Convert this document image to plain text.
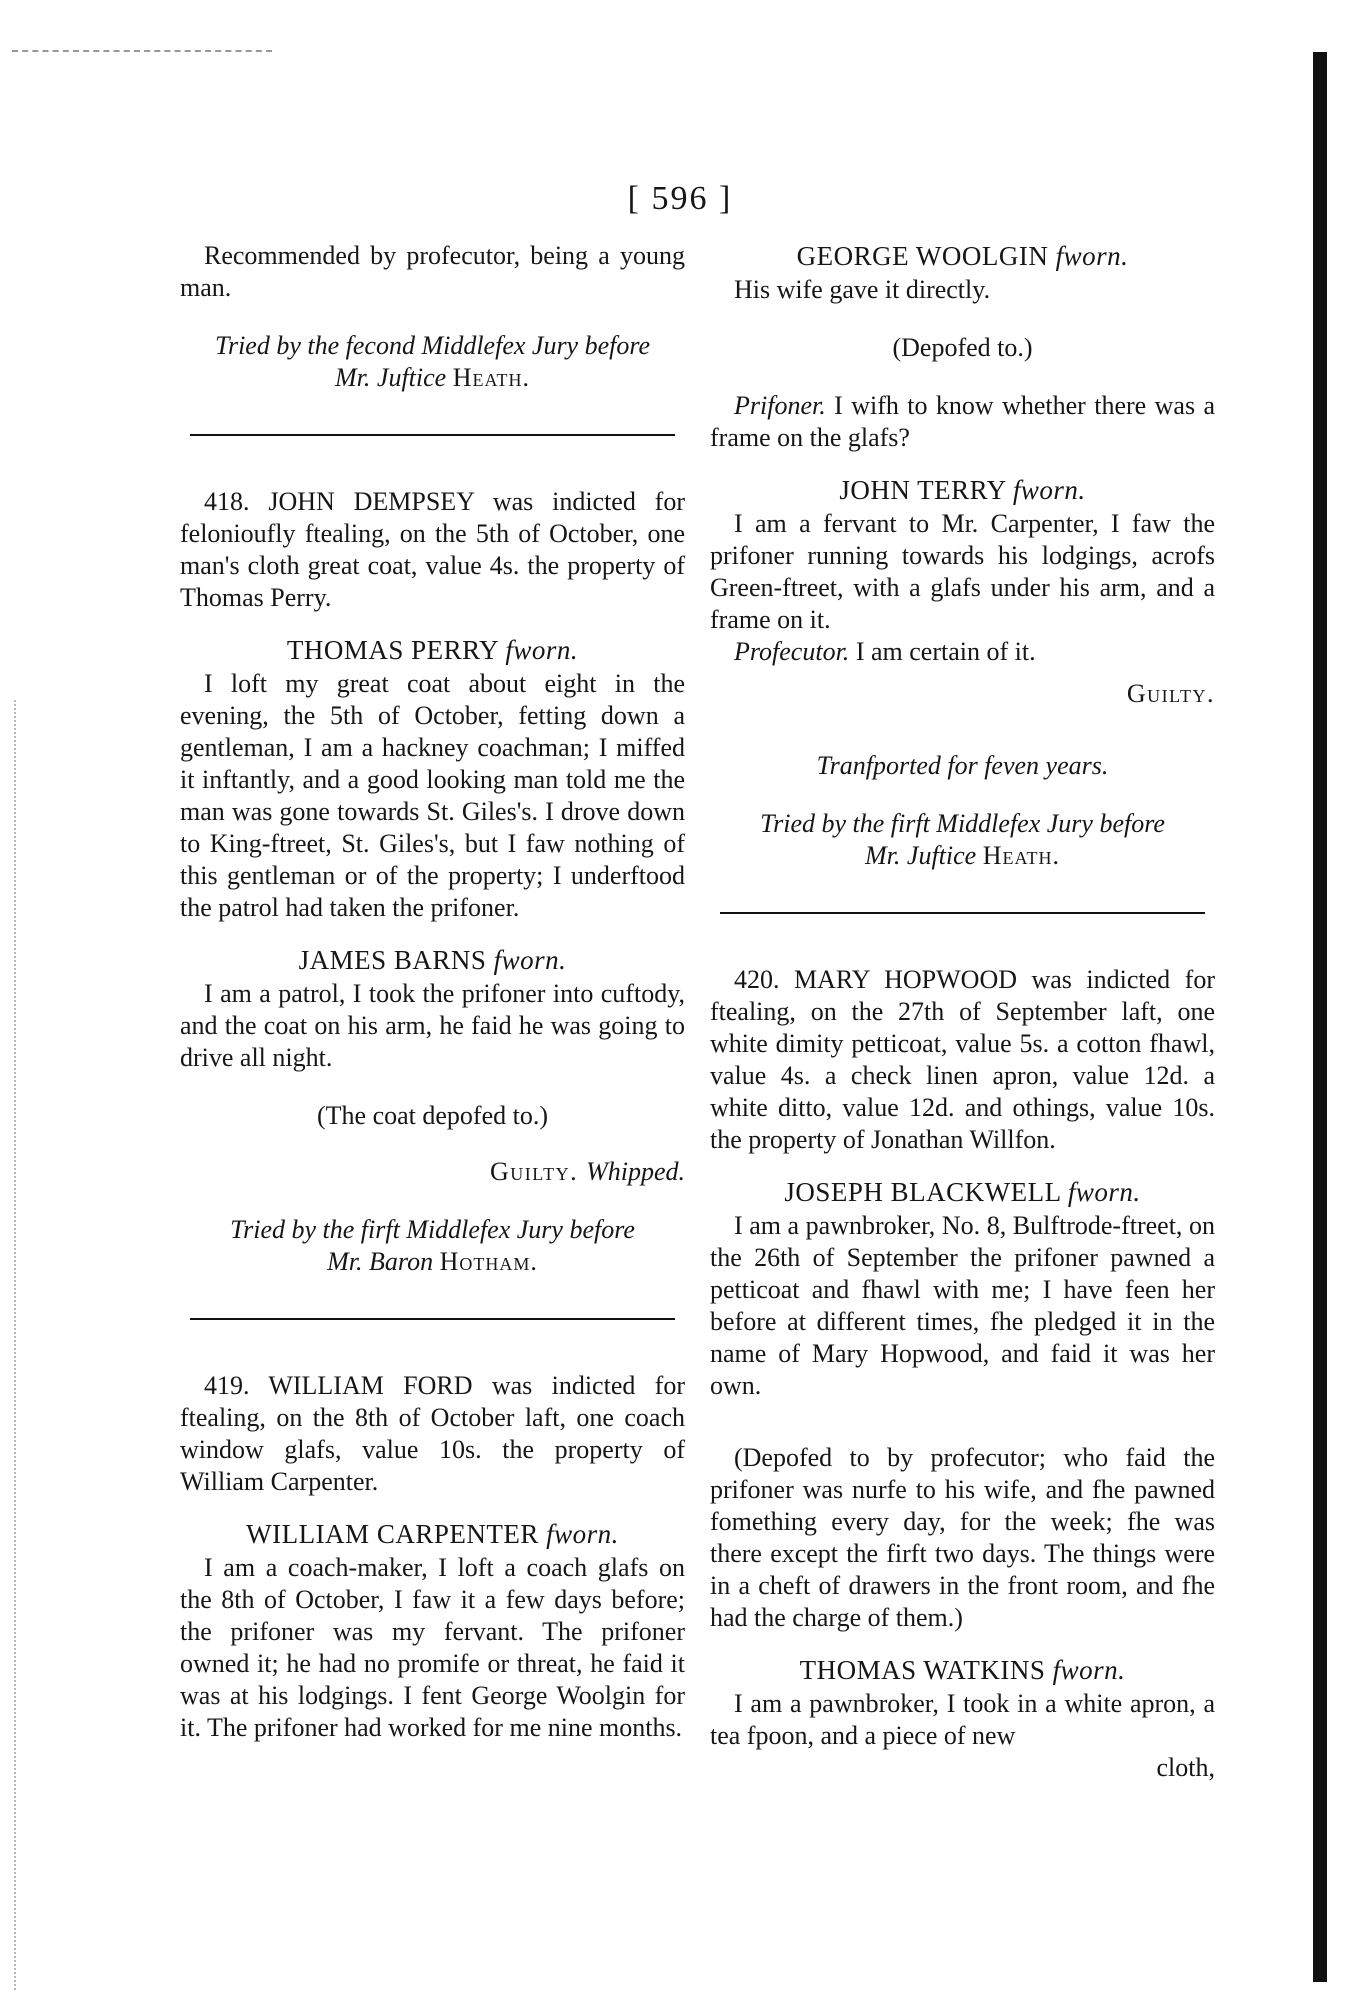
[ 596 ]

Recommended by profecutor, being a young man.

Tried by the fecond Middlefex Jury before
Mr. Juftice Heath.

418. JOHN DEMPSEY was indicted for felonioufly ftealing, on the 5th of October, one man's cloth great coat, value 4s. the property of Thomas Perry.

THOMAS PERRY fworn.

I loft my great coat about eight in the evening, the 5th of October, fetting down a gentleman, I am a hackney coachman; I miffed it inftantly, and a good looking man told me the man was gone towards St. Giles's. I drove down to King-ftreet, St. Giles's, but I faw nothing of this gentleman or of the property; I underftood the patrol had taken the prifoner.

JAMES BARNS fworn.

I am a patrol, I took the prifoner into cuftody, and the coat on his arm, he faid he was going to drive all night.

(The coat depofed to.)

Guilty. Whipped.

Tried by the firft Middlefex Jury before
Mr. Baron Hotham.

419. WILLIAM FORD was indicted for ftealing, on the 8th of October laft, one coach window glafs, value 10s. the property of William Carpenter.

WILLIAM CARPENTER fworn.

I am a coach-maker, I loft a coach glafs on the 8th of October, I faw it a few days before; the prifoner was my fervant. The prifoner owned it; he had no promife or threat, he faid it was at his lodgings. I fent George Woolgin for it. The prifoner had worked for me nine months.

GEORGE WOOLGIN fworn.

His wife gave it directly.

(Depofed to.)

Prifoner. I wifh to know whether there was a frame on the glafs?

JOHN TERRY fworn.

I am a fervant to Mr. Carpenter, I faw the prifoner running towards his lodgings, acrofs Green-ftreet, with a glafs under his arm, and a frame on it.

Profecutor. I am certain of it.

Guilty.

Tranfported for feven years.

Tried by the firft Middlefex Jury before
Mr. Juftice Heath.

420. MARY HOPWOOD was indicted for ftealing, on the 27th of September laft, one white dimity petticoat, value 5s. a cotton fhawl, value 4s. a check linen apron, value 12d. a white ditto, value 12d. and othings, value 10s. the property of Jonathan Willfon.

JOSEPH BLACKWELL fworn.

I am a pawnbroker, No. 8, Bulftrode-ftreet, on the 26th of September the prifoner pawned a petticoat and fhawl with me; I have feen her before at different times, fhe pledged it in the name of Mary Hopwood, and faid it was her own.

(Depofed to by profecutor; who faid the prifoner was nurfe to his wife, and fhe pawned fomething every day, for the week; fhe was there except the firft two days. The things were in a cheft of drawers in the front room, and fhe had the charge of them.)

THOMAS WATKINS fworn.

I am a pawnbroker, I took in a white apron, a tea fpoon, and a piece of new

cloth,
